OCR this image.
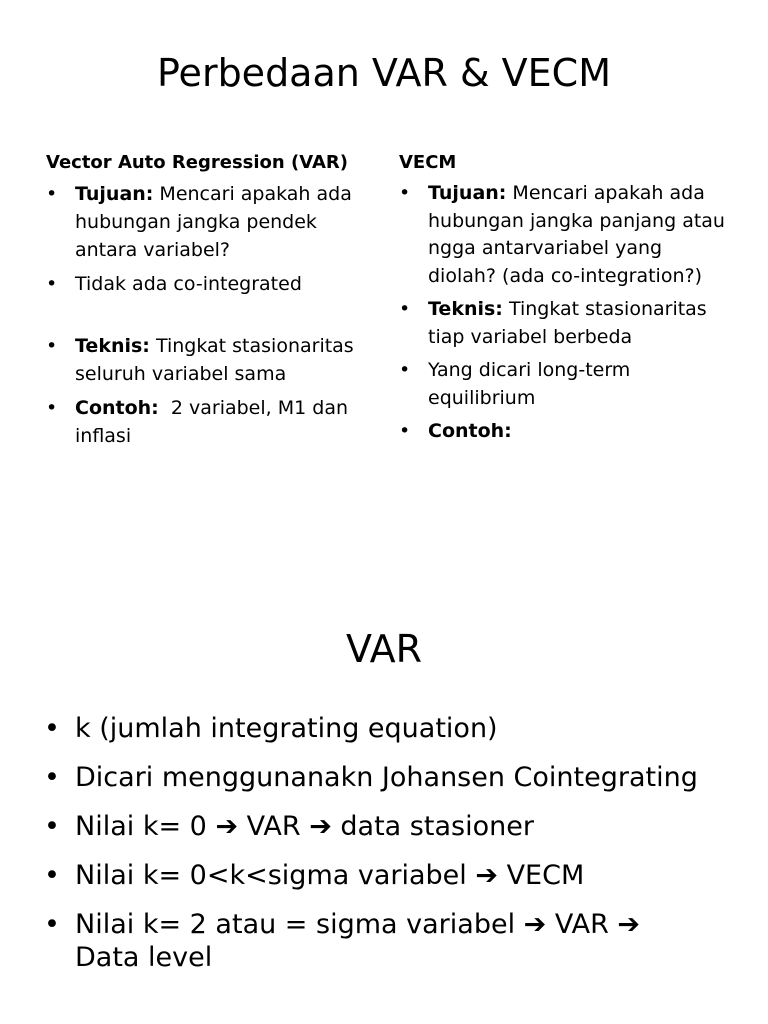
Perbedaan VAR & VECM

Vector Auto Regression (VAR)

• Tujuan: Mencari apakah ada hubungan jangka pendek antara variabel?
• Tidak ada co-integrated
• Teknis: Tingkat stasionaritas seluruh variabel sama
• Contoh:  2 variabel, M1 dan inflasi

VECM

• Tujuan: Mencari apakah ada hubungan jangka panjang atau ngga antarvariabel yang diolah? (ada co-integration?)
• Teknis: Tingkat stasionaritas tiap variabel berbeda
• Yang dicari long-term equilibrium
• Contoh:
VAR
• k (jumlah integrating equation)
• Dicari menggunanakn Johansen Cointegrating
• Nilai k= 0 ➔ VAR ➔ data stasioner
• Nilai k= 0<k<sigma variabel ➔ VECM
• Nilai k= 2 atau = sigma variabel ➔ VAR ➔
Data level
